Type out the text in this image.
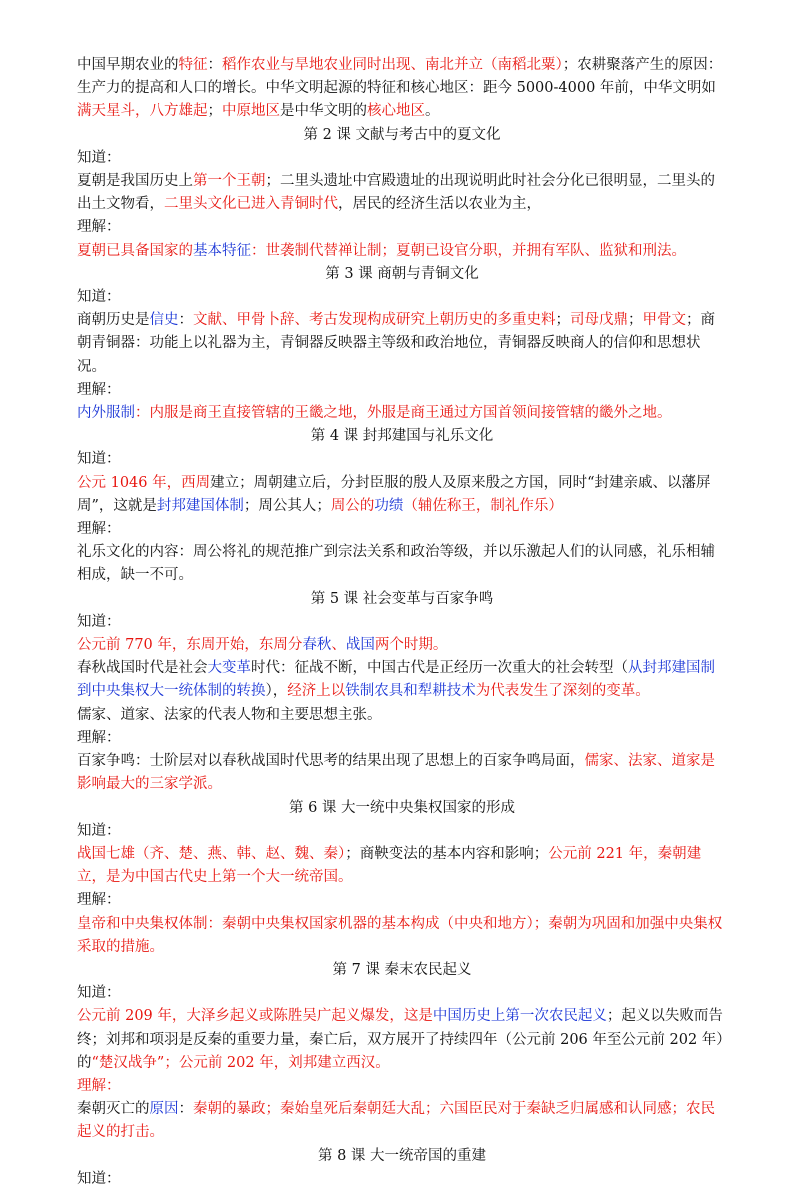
中国早期农业的特征：稻作农业与旱地农业同时出现、南北并立（南稻北粟）；农耕聚落产生的原因：生产力的提高和人口的增长。中华文明起源的特征和核心地区：距今 5000-4000 年前，中华文明如满天星斗，八方雄起；中原地区是中华文明的核心地区。

第 2 课 文献与考古中的夏文化

知道：

夏朝是我国历史上第一个王朝；二里头遗址中宫殿遗址的出现说明此时社会分化已很明显，二里头的出土文物看，二里头文化已进入青铜时代，居民的经济生活以农业为主，

理解：

夏朝已具备国家的基本特征：世袭制代替禅让制；夏朝已设官分职，并拥有军队、监狱和刑法。

第 3 课 商朝与青铜文化

知道：

商朝历史是信史：文献、甲骨卜辞、考古发现构成研究上朝历史的多重史料；司母戊鼎；甲骨文；商朝青铜器：功能上以礼器为主，青铜器反映器主等级和政治地位，青铜器反映商人的信仰和思想状况。

理解：

内外服制：内服是商王直接管辖的王畿之地，外服是商王通过方国首领间接管辖的畿外之地。

第 4 课 封邦建国与礼乐文化

知道：

公元 1046 年，西周建立；周朝建立后，分封臣服的殷人及原来殷之方国，同时“封建亲戚、以藩屏周”，这就是封邦建国体制；周公其人；周公的功绩（辅佐称王，制礼作乐）

理解：

礼乐文化的内容：周公将礼的规范推广到宗法关系和政治等级，并以乐激起人们的认同感，礼乐相辅相成，缺一不可。

第 5 课 社会变革与百家争鸣

知道：

公元前 770 年，东周开始，东周分春秋、战国两个时期。

春秋战国时代是社会大变革时代：征战不断，中国古代是正经历一次重大的社会转型（从封邦建国制到中央集权大一统体制的转换），经济上以铁制农具和犁耕技术为代表发生了深刻的变革。

儒家、道家、法家的代表人物和主要思想主张。

理解：

百家争鸣：士阶层对以春秋战国时代思考的结果出现了思想上的百家争鸣局面，儒家、法家、道家是影响最大的三家学派。

第 6 课 大一统中央集权国家的形成

知道：

战国七雄（齐、楚、燕、韩、赵、魏、秦）；商鞅变法的基本内容和影响；公元前 221 年，秦朝建立，是为中国古代史上第一个大一统帝国。

理解：

皇帝和中央集权体制：秦朝中央集权国家机器的基本构成（中央和地方）；秦朝为巩固和加强中央集权采取的措施。

第 7 课 秦末农民起义

知道：

公元前 209 年，大泽乡起义或陈胜吴广起义爆发，这是中国历史上第一次农民起义；起义以失败而告终；刘邦和项羽是反秦的重要力量，秦亡后，双方展开了持续四年（公元前 206 年至公元前 202 年）的“楚汉战争”；公元前 202 年，刘邦建立西汉。

理解：

秦朝灭亡的原因：秦朝的暴政；秦始皇死后秦朝廷大乱；六国臣民对于秦缺乏归属感和认同感；农民起义的打击。

第 8 课 大一统帝国的重建

知道：
